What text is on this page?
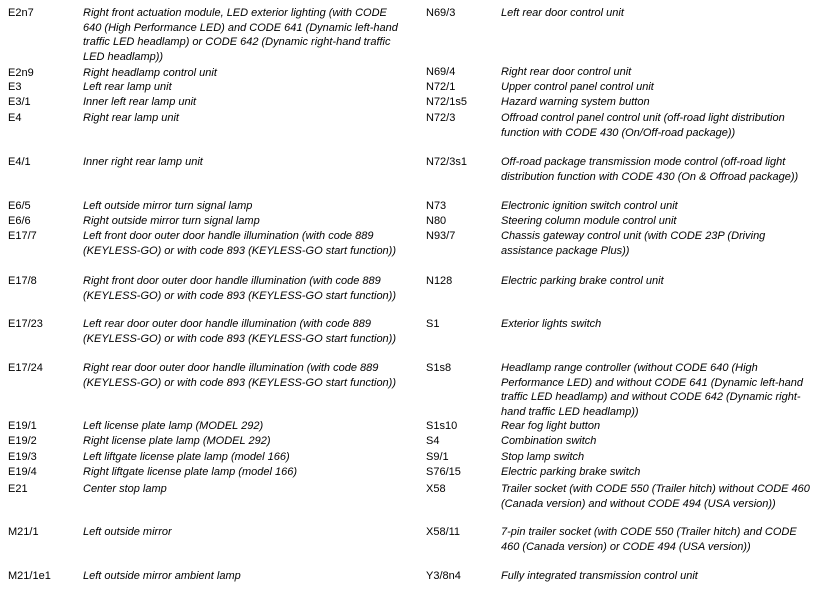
E2n7	Right front actuation module, LED exterior lighting (with CODE 640 (High Performance LED) and CODE 641 (Dynamic left-hand traffic LED headlamp) or CODE 642 (Dynamic right-hand traffic LED headlamp))
E2n9	Right headlamp control unit
E3	Left rear lamp unit
E3/1	Inner left rear lamp unit
E4	Right rear lamp unit
E4/1	Inner right rear lamp unit
E6/5	Left outside mirror turn signal lamp
E6/6	Right outside mirror turn signal lamp
E17/7	Left front door outer door handle illumination (with code 889 (KEYLESS-GO) or with code 893 (KEYLESS-GO start function))
E17/8	Right front door outer door handle illumination (with code 889 (KEYLESS-GO) or with code 893 (KEYLESS-GO start function))
E17/23	Left rear door outer door handle illumination (with code 889 (KEYLESS-GO) or with code 893 (KEYLESS-GO start function))
E17/24	Right rear door outer door handle illumination (with code 889 (KEYLESS-GO) or with code 893 (KEYLESS-GO start function))
E19/1	Left license plate lamp (MODEL 292)
E19/2	Right license plate lamp (MODEL 292)
E19/3	Left liftgate license plate lamp (model 166)
E19/4	Right liftgate license plate lamp (model 166)
E21	Center stop lamp
M21/1	Left outside mirror
M21/1e1	Left outside mirror ambient lamp
N69/3	Left rear door control unit
N69/4	Right rear door control unit
N72/1	Upper control panel control unit
N72/1s5	Hazard warning system button
N72/3	Offroad control panel control unit (off-road light distribution function with CODE 430 (On/Off-road package))
N72/3s1	Off-road package transmission mode control (off-road light distribution function with CODE 430 (On & Offroad package))
N73	Electronic ignition switch control unit
N80	Steering column module control unit
N93/7	Chassis gateway control unit (with CODE 23P (Driving assistance package Plus))
N128	Electric parking brake control unit
S1	Exterior lights switch
S1s8	Headlamp range controller (without CODE 640 (High Performance LED) and without CODE 641 (Dynamic left-hand traffic LED headlamp) and without CODE 642 (Dynamic right-hand traffic LED headlamp))
S1s10	Rear fog light button
S4	Combination switch
S9/1	Stop lamp switch
S76/15	Electric parking brake switch
X58	Trailer socket (with CODE 550 (Trailer hitch) without CODE 460 (Canada version) and without CODE 494 (USA version))
X58/11	7-pin trailer socket (with CODE 550 (Trailer hitch) and CODE 460 (Canada version) or CODE 494 (USA version))
Y3/8n4	Fully integrated transmission control unit
